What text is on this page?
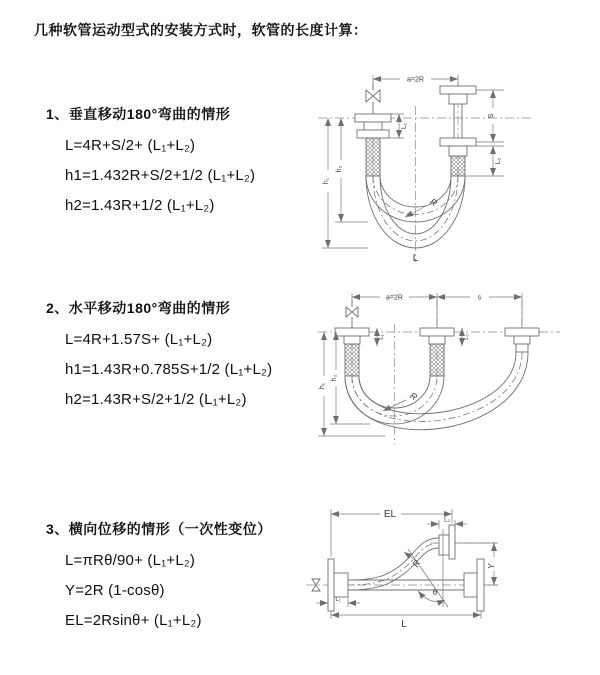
几种软管运动型式的安装方式时，软管的长度计算：
1、垂直移动180°弯曲的情形
L=4R+S/2+ (L₁+L₂)
h1=1.432R+S/2+1/2 (L₁+L₂)
h2=1.43R+1/2 (L₁+L₂)
a=2R
L₁
S
L₂
h₁
h₂
R
L
2、水平移动180°弯曲的情形
L=4R+1.57S+ (L₁+L₂)
h1=1.43R+0.785S+1/2 (L₁+L₂)
h2=1.43R+S/2+1/2 (L₁+L₂)
a=2R	s
L₁	L₂
h₁
h₂
R
3、横向位移的情形（一次性变位）
L=πRθ/90+ (L₁+L₂)
Y=2R (1-cosθ)
EL=2Rsinθ+ (L₁+L₂)
EL
L₂
θ
R	Y
L₁
L
